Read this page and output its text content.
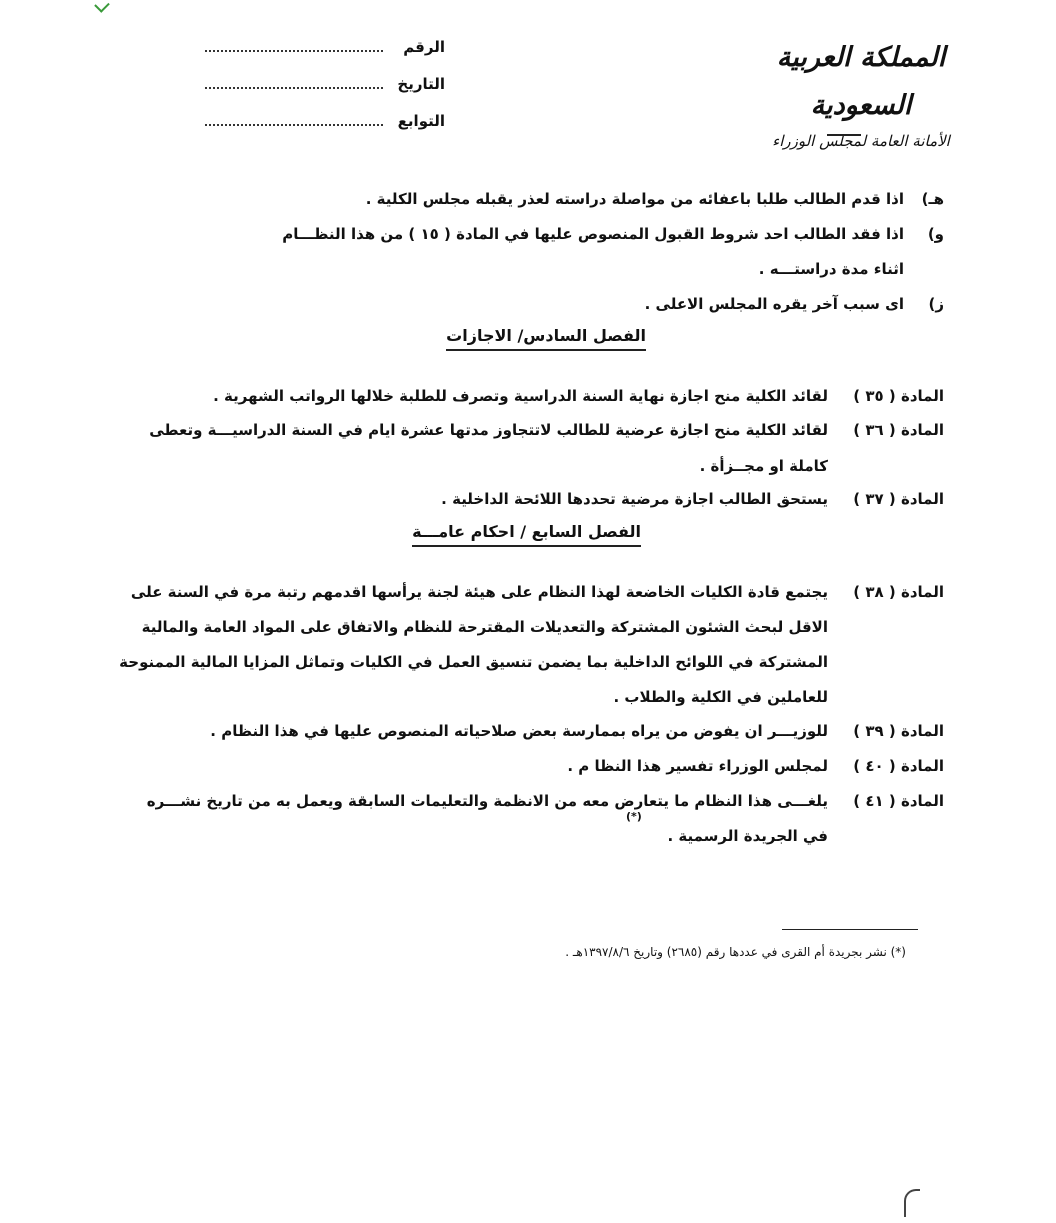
المملكة العربية السعودية
الأمانة العامة لمجلس الوزراء
الرقم
التاريخ
التوابع
هـ)
اذا قدم الطالب طلبا باعفائه من مواصلة دراسته لعذر يقبله مجلس الكلية .
و)
اذا فقد الطالب احد شروط القبول المنصوص عليها في المادة ( ١٥ ) من هذا النظـــام
اثناء مدة دراستـــه .
ز)
اى سبب آخر يقره المجلس الاعلى .
الفصل السادس/ الاجازات
المادة ( ٣٥ )
لقائد الكلية منح اجازة نهاية السنة الدراسية وتصرف للطلبة خلالها الرواتب الشهرية .
المادة ( ٣٦ )
لقائد الكلية منح اجازة عرضية للطالب لاتتجاوز مدتها عشرة ايام في السنة الدراسيـــة وتعطى
كاملة او مجــزأة .
المادة ( ٣٧ )
يستحق الطالب اجازة مرضية تحددها اللائحة الداخلية .
الفصل السابع / احكام عامـــة
المادة ( ٣٨ )
يجتمع قادة الكليات الخاضعة لهذا النظام على هيئة لجنة يرأسها اقدمهم رتبة مرة في السنة على
الاقل لبحث الشئون المشتركة والتعديلات المقترحة للنظام والاتفاق على المواد العامة والمالية
المشتركة في اللوائح الداخلية بما يضمن تنسيق العمل في الكليات وتماثل المزايا المالية الممنوحة
للعاملين في الكلية والطلاب .
المادة ( ٣٩ )
للوزيـــر ان يفوض من يراه بممارسة بعض صلاحياته المنصوص عليها في هذا النظام .
المادة ( ٤٠ )
لمجلس الوزراء تفسير هذا النظا م .
المادة ( ٤١ )
يلغـــى هذا النظام ما يتعارض معه من الانظمة والتعليمات السابقة ويعمل به من تاريخ نشـــره
في الجريدة الرسمية .
(*)
(*) نشر بجريدة أم القرى في عددها رقم (٢٦٨٥) وتاريخ ١٣٩٧/٨/٦هـ .
